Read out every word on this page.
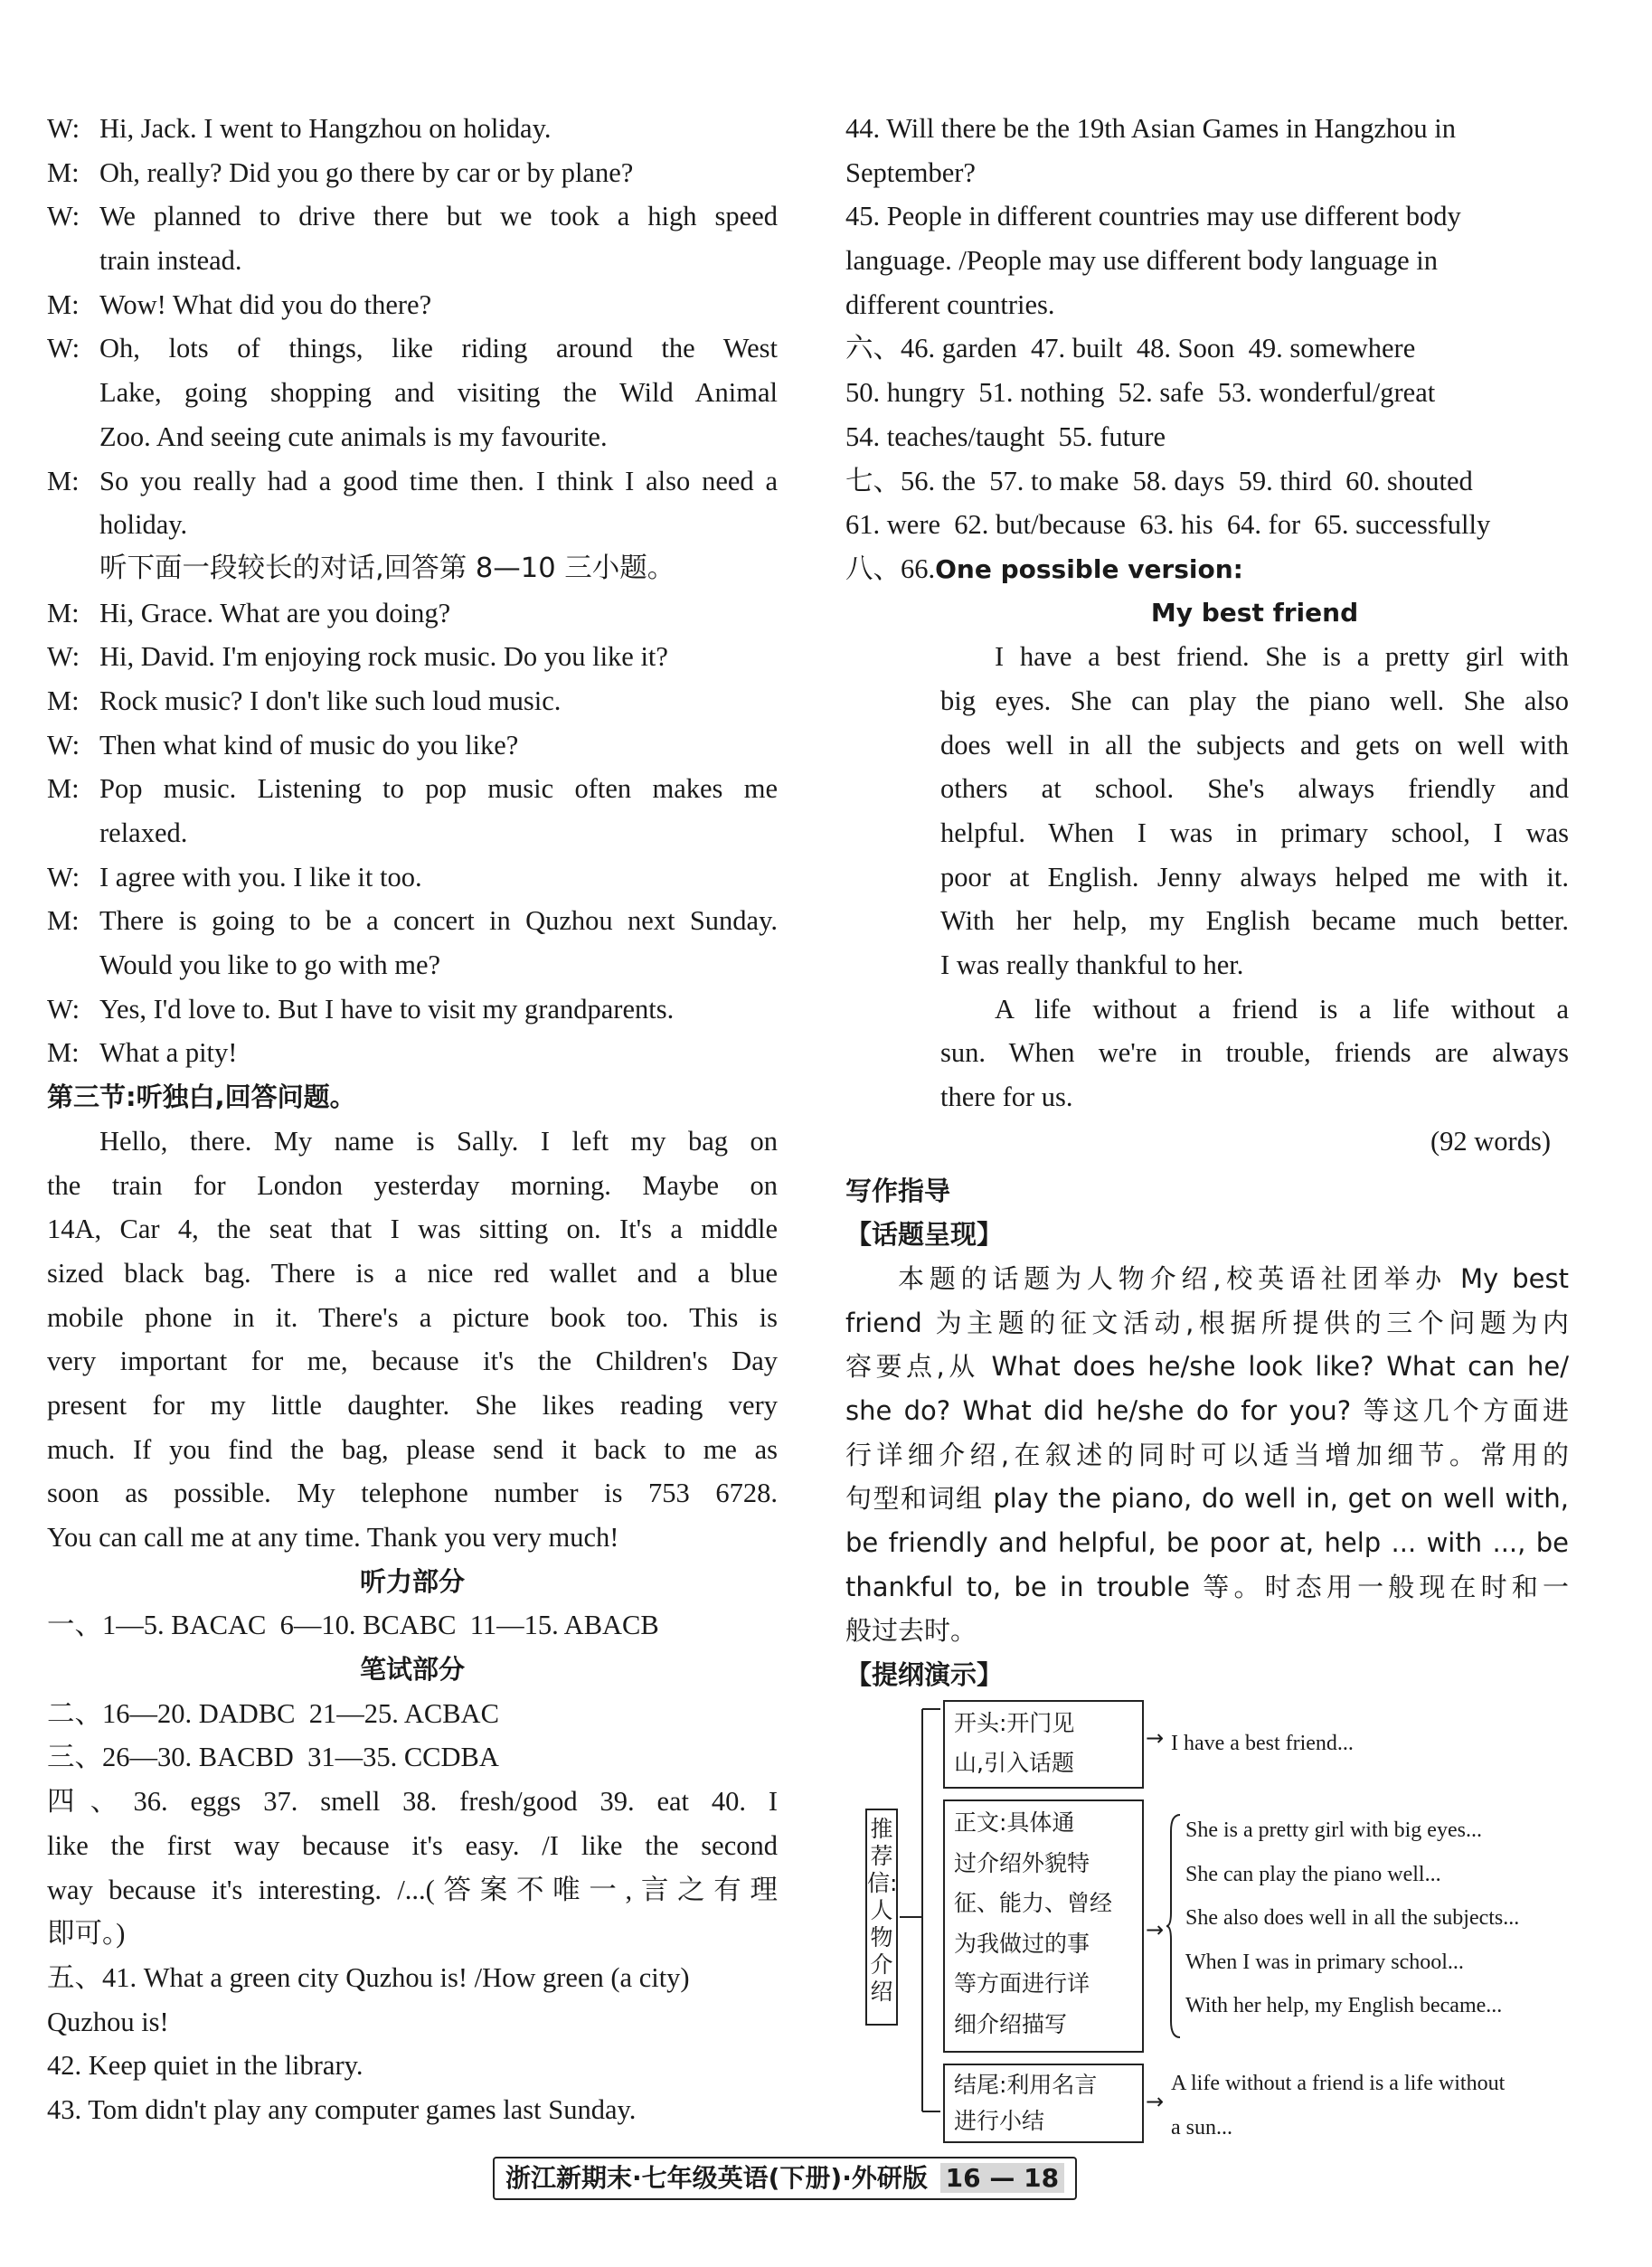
W: Hi, Jack. I went to Hangzhou on holiday.
M: Oh, really? Did you go there by car or by plane?
W: We planned to drive there but we took a high speed
train instead.
M: Wow! What did you do there?
W: Oh, lots of things, like riding around the West
Lake, going shopping and visiting the Wild Animal
Zoo. And seeing cute animals is my favourite.
M: So you really had a good time then. I think I also need a
holiday.
听下面一段较长的对话,回答第 8—10 三小题。
M: Hi, Grace. What are you doing?
W: Hi, David. I'm enjoying rock music. Do you like it?
M: Rock music? I don't like such loud music.
W: Then what kind of music do you like?
M: Pop music. Listening to pop music often makes me
relaxed.
W: I agree with you. I like it too.
M: There is going to be a concert in Quzhou next Sunday.
Would you like to go with me?
W: Yes, I'd love to. But I have to visit my grandparents.
M: What a pity!
第三节:听独白,回答问题。
Hello, there. My name is Sally. I left my bag on
the train for London yesterday morning. Maybe on
14A, Car 4, the seat that I was sitting on. It's a middle
sized black bag. There is a nice red wallet and a blue
mobile phone in it. There's a picture book too. This is
very important for me, because it's the Children's Day
present for my little daughter. She likes reading very
much. If you find the bag, please send it back to me as
soon as possible. My telephone number is 753 6728.
You can call me at any time. Thank you very much!
听力部分
一、1—5. BACAC  6—10. BCABC  11—15. ABACB
笔试部分
二、16—20. DADBC  21—25. ACBAC
三、26—30. BACBD  31—35. CCDBA
四、36. eggs 37. smell 38. fresh/good 39. eat 40. I
like the first way because it's easy. /I like the second
way because it's interesting. /...(答案不唯一,言之有理
即可。)
五、41. What a green city Quzhou is! /How green (a city)
Quzhou is!
42. Keep quiet in the library.
43. Tom didn't play any computer games last Sunday.
44. Will there be the 19th Asian Games in Hangzhou in
September?
45. People in different countries may use different body
language. /People may use different body language in
different countries.
六、46. garden  47. built  48. Soon  49. somewhere
50. hungry  51. nothing  52. safe  53. wonderful/great
54. teaches/taught  55. future
七、56. the  57. to make  58. days  59. third  60. shouted
61. were  62. but/because  63. his  64. for  65. successfully
八、66.One possible version:
My best friend
I have a best friend. She is a pretty girl with
big eyes. She can play the piano well. She also
does well in all the subjects and gets on well with
others at school. She's always friendly and
helpful. When I was in primary school, I was
poor at English. Jenny always helped me with it.
With her help, my English became much better.
I was really thankful to her.
A life without a friend is a life without a
sun. When we're in trouble, friends are always
there for us.
(92 words)
写作指导
【话题呈现】
本题的话题为人物介绍,校英语社团举办 My best
friend 为主题的征文活动,根据所提供的三个问题为内
容要点,从 What does he/she look like? What can he/
she do? What did he/she do for you? 等这几个方面进
行详细介绍,在叙述的同时可以适当增加细节。常用的
句型和词组 play the piano, do well in, get on well with,
be friendly and helpful, be poor at, help ... with ..., be
thankful to, be in trouble 等。时态用一般现在时和一
般过去时。
【提纲演示】
推荐信:人物介绍
开头:开门见
山,引入话题
→ I have a best friend...
正文:具体通
过介绍外貌特
征、能力、曾经
为我做过的事
等方面进行详
细介绍描写
→
She is a pretty girl with big eyes...
She can play the piano well...
She also does well in all the subjects...
When I was in primary school...
With her help, my English became...
结尾:利用名言
进行小结
→
A life without a friend is a life without
a sun...
浙江新期末·七年级英语(下册)·外研版 16 — 18
